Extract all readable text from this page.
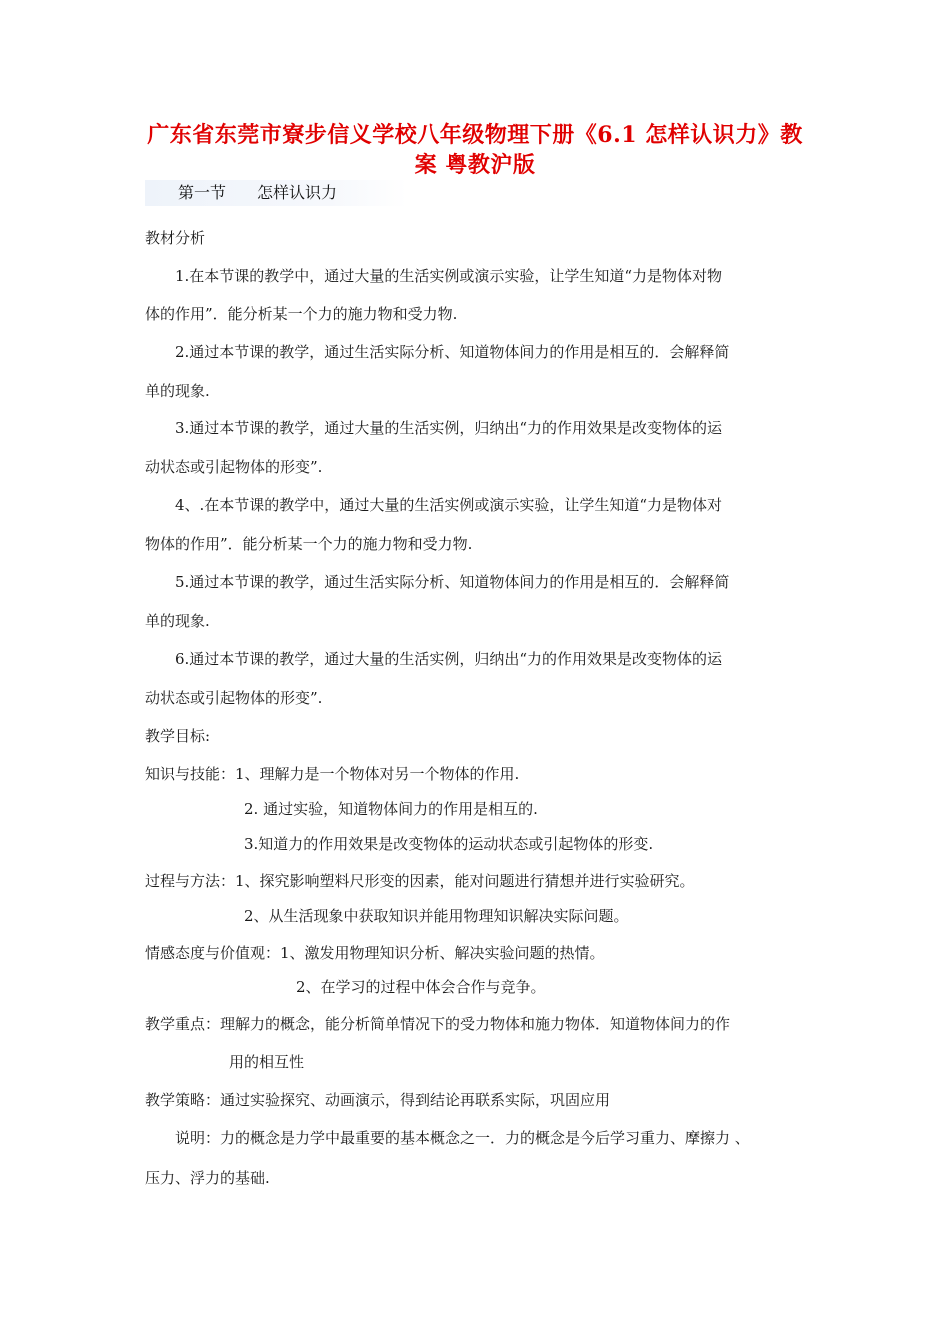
广东省东莞市寮步信义学校八年级物理下册《6.1 怎样认识力》教
案 粤教沪版
第一节 怎样认识力
教材分析
1.在本节课的教学中，通过大量的生活实例或演示实验，让学生知道“力是物体对物
体的作用”．能分析某一个力的施力物和受力物.
2.通过本节课的教学，通过生活实际分析、知道物体间力的作用是相互的．会解释简
单的现象.
3.通过本节课的教学，通过大量的生活实例，归纳出“力的作用效果是改变物体的运
动状态或引起物体的形变”.
4、.在本节课的教学中，通过大量的生活实例或演示实验，让学生知道“力是物体对
物体的作用”．能分析某一个力的施力物和受力物.
5.通过本节课的教学，通过生活实际分析、知道物体间力的作用是相互的．会解释简
单的现象.
6.通过本节课的教学，通过大量的生活实例，归纳出“力的作用效果是改变物体的运
动状态或引起物体的形变”.
教学目标:
知识与技能：1、理解力是一个物体对另一个物体的作用.
2. 通过实验，知道物体间力的作用是相互的.
3.知道力的作用效果是改变物体的运动状态或引起物体的形变.
过程与方法：1、探究影响塑料尺形变的因素，能对问题进行猜想并进行实验研究。
2、从生活现象中获取知识并能用物理知识解决实际问题。
情感态度与价值观：1、激发用物理知识分析、解决实验问题的热情。
2、在学习的过程中体会合作与竞争。
教学重点：理解力的概念，能分析简单情况下的受力物体和施力物体．知道物体间力的作
用的相互性
教学策略：通过实验探究、动画演示，得到结论再联系实际，巩固应用
说明：力的概念是力学中最重要的基本概念之一．力的概念是今后学习重力、摩擦力 、
压力、浮力的基础.
